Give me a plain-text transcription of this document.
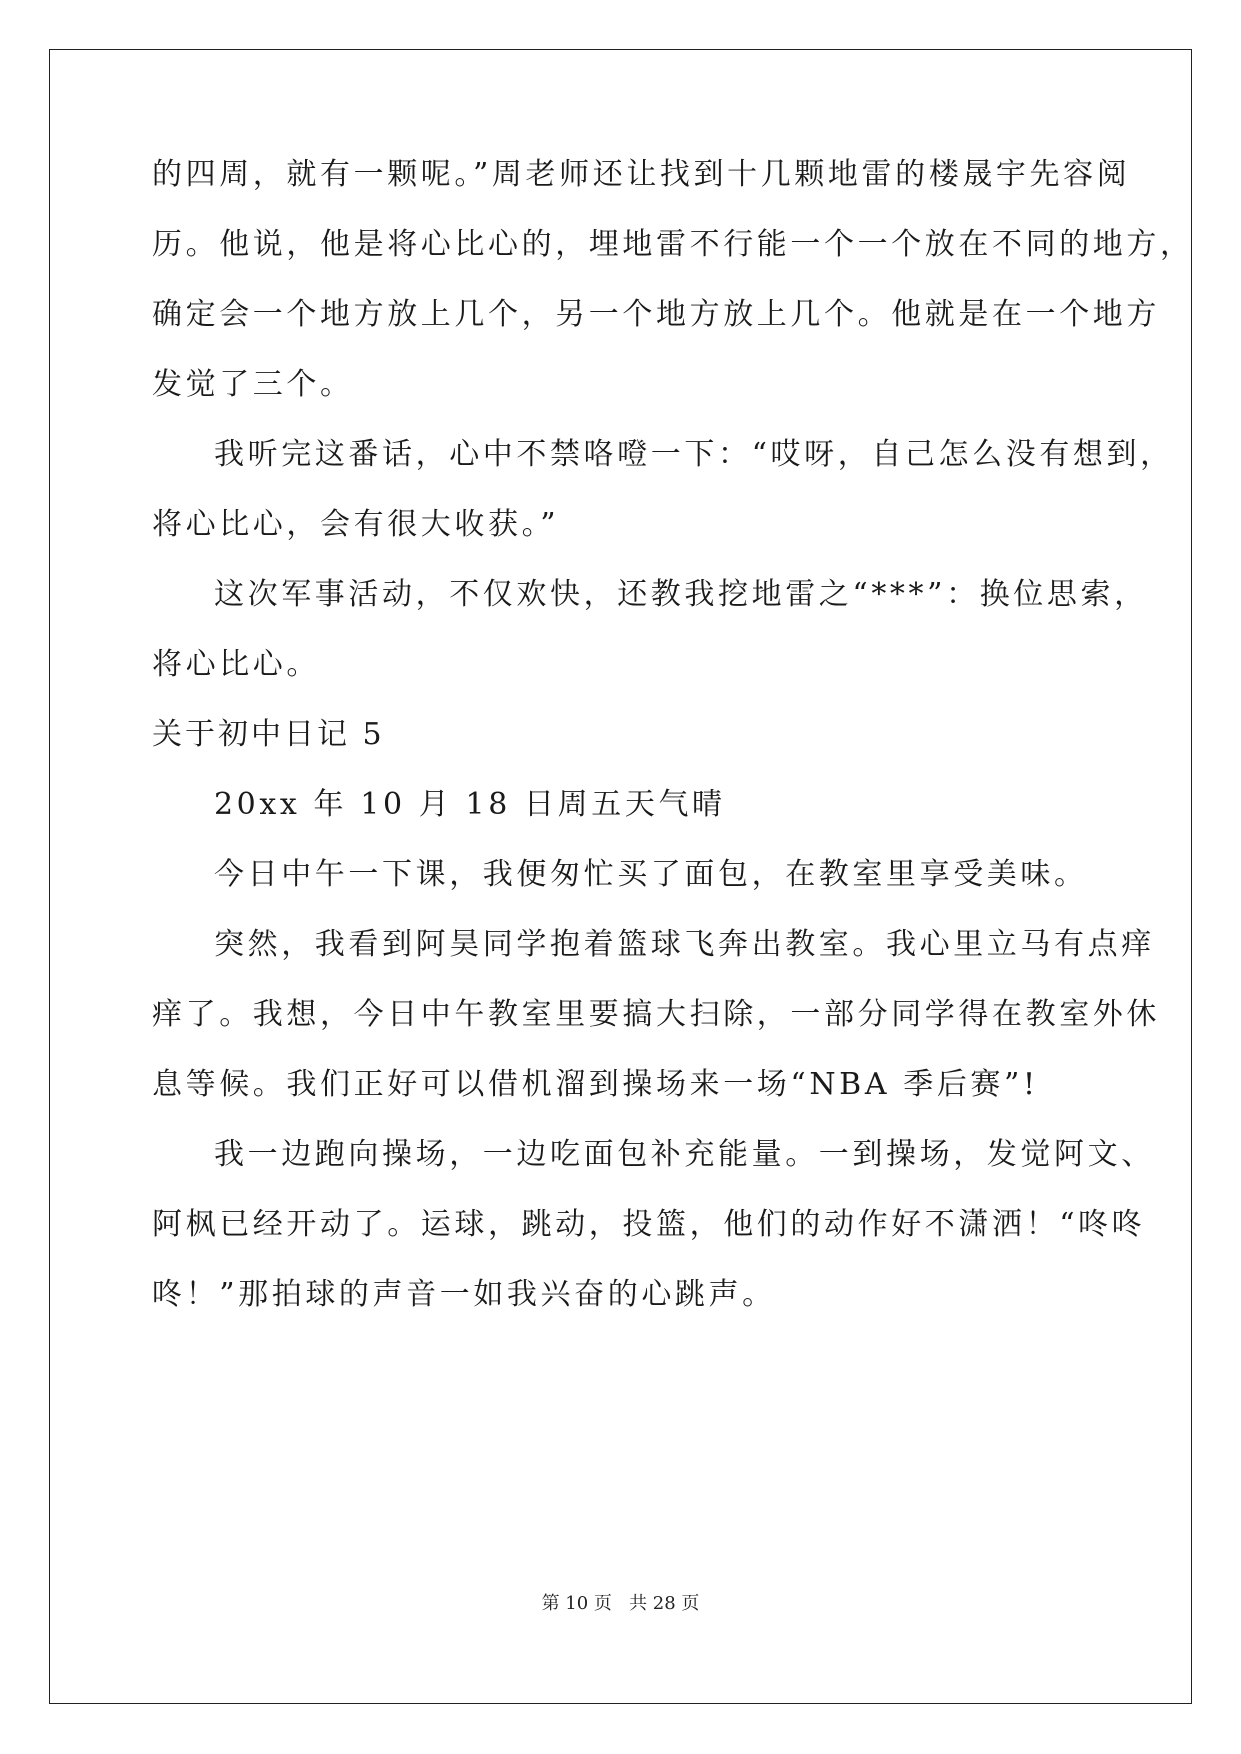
的四周，就有一颗呢。”周老师还让找到十几颗地雷的楼晟宇先容阅
历。他说，他是将心比心的，埋地雷不行能一个一个放在不同的地方，
确定会一个地方放上几个，另一个地方放上几个。他就是在一个地方
发觉了三个。
我听完这番话，心中不禁咯噔一下：“哎呀，自己怎么没有想到，
将心比心，会有很大收获。”
这次军事活动，不仅欢快，还教我挖地雷之“***”：换位思索，
将心比心。
关于初中日记 5
20xx 年 10 月 18 日周五天气晴
今日中午一下课，我便匆忙买了面包，在教室里享受美味。
突然，我看到阿昊同学抱着篮球飞奔出教室。我心里立马有点痒
痒了。我想，今日中午教室里要搞大扫除，一部分同学得在教室外休
息等候。我们正好可以借机溜到操场来一场“NBA 季后赛”!
我一边跑向操场，一边吃面包补充能量。一到操场，发觉阿文、
阿枫已经开动了。运球，跳动，投篮，他们的动作好不潇洒！“咚咚
咚！”那拍球的声音一如我兴奋的心跳声。
第 10 页   共 28 页
